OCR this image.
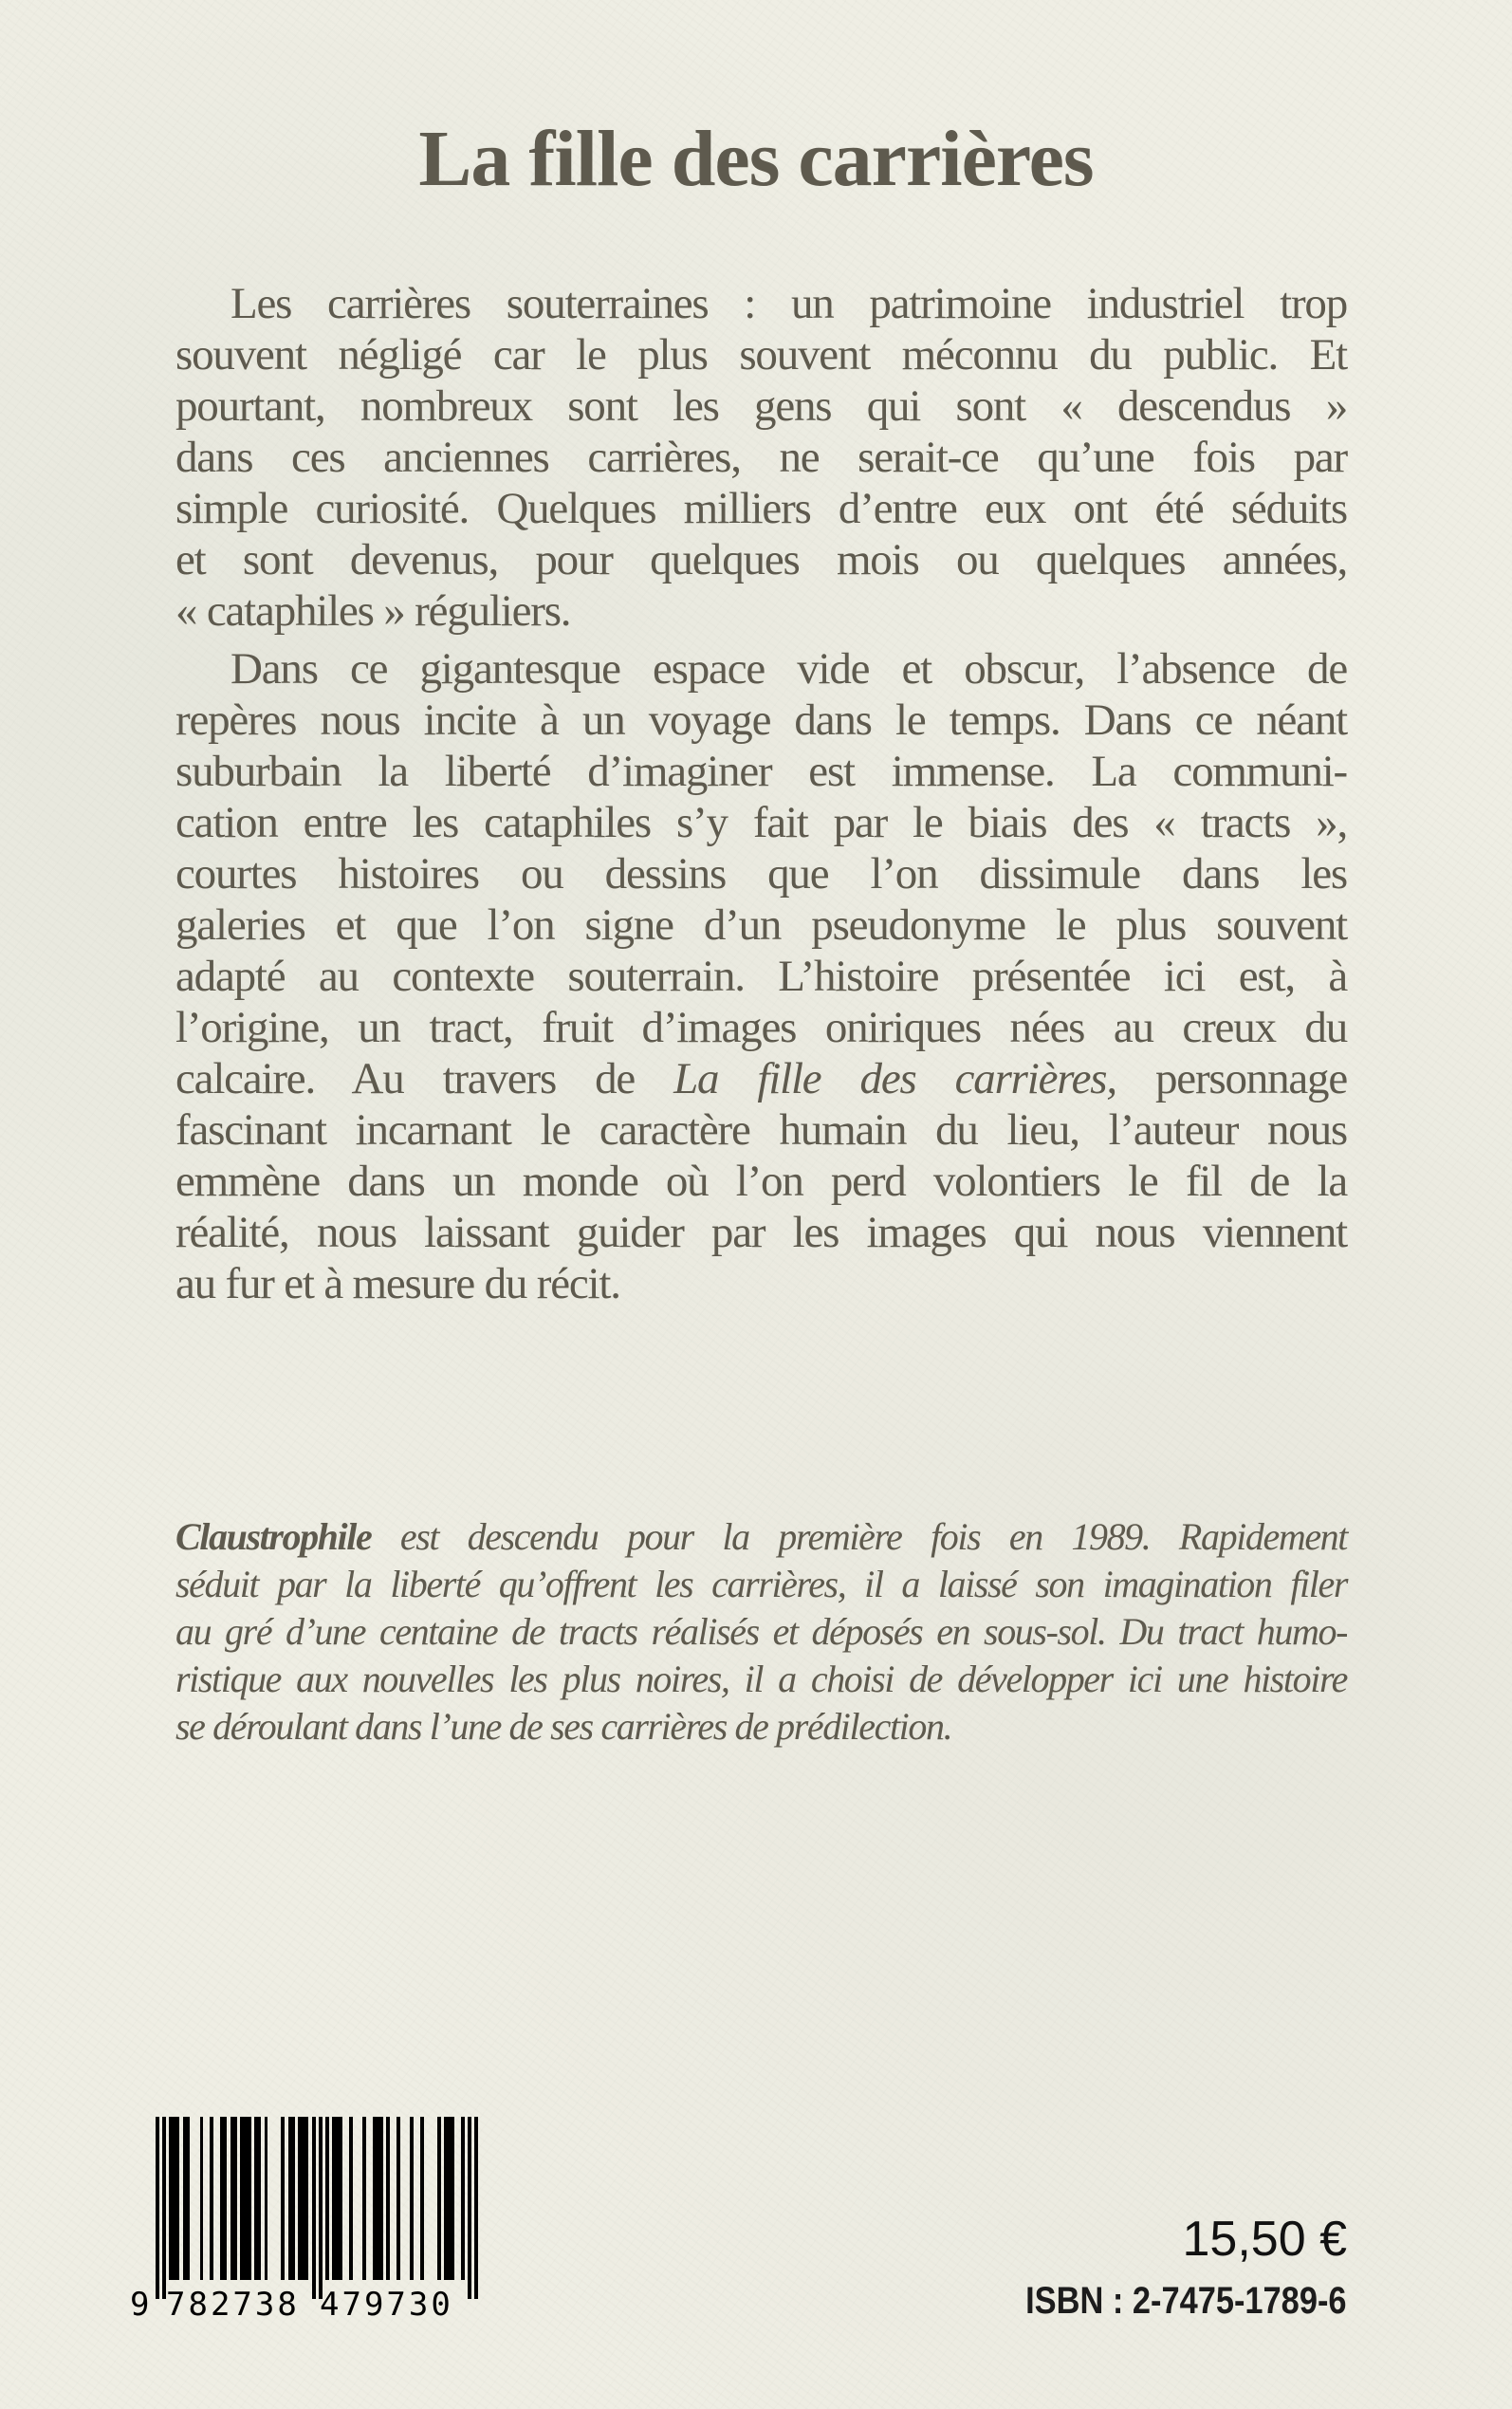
La fille des carrières
Les carrières souterraines : un patrimoine industriel trop
souvent négligé car le plus souvent méconnu du public. Et
pourtant, nombreux sont les gens qui sont « descendus »
dans ces anciennes carrières, ne serait-ce qu’une fois par
simple curiosité. Quelques milliers d’entre eux ont été séduits
et sont devenus, pour quelques mois ou quelques années,
« cataphiles » réguliers.
Dans ce gigantesque espace vide et obscur, l’absence de
repères nous incite à un voyage dans le temps. Dans ce néant
suburbain la liberté d’imaginer est immense. La communi-
cation entre les cataphiles s’y fait par le biais des « tracts »,
courtes histoires ou dessins que l’on dissimule dans les
galeries et que l’on signe d’un pseudonyme le plus souvent
adapté au contexte souterrain. L’histoire présentée ici est, à
l’origine, un tract, fruit d’images oniriques nées au creux du
calcaire. Au travers de La fille des carrières, personnage
fascinant incarnant le caractère humain du lieu, l’auteur nous
emmène dans un monde où l’on perd volontiers le fil de la
réalité, nous laissant guider par les images qui nous viennent
au fur et à mesure du récit.
Claustrophile est descendu pour la première fois en 1989. Rapidement
séduit par la liberté qu’offrent les carrières, il a laissé son imagination filer
au gré d’une centaine de tracts réalisés et déposés en sous-sol. Du tract humo-
ristique aux nouvelles les plus noires, il a choisi de développer ici une histoire
se déroulant dans l’une de ses carrières de prédilection.
9 782738 479730
15,50 €
ISBN : 2-7475-1789-6
